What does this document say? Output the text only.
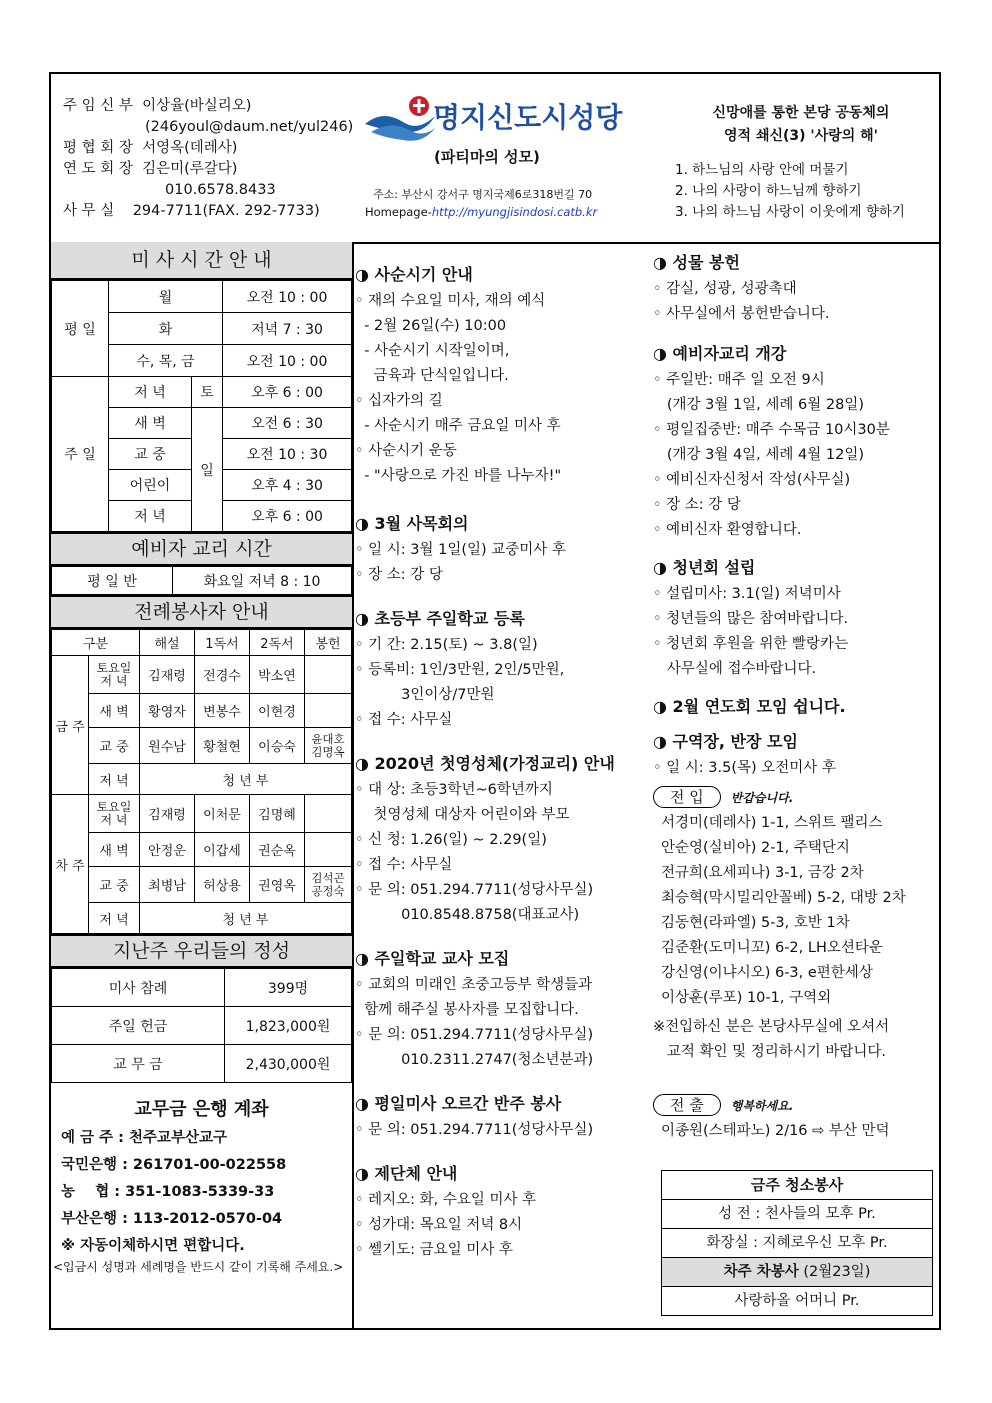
주 임 신 부 이상율(바실리오)
(246youl@daum.net/yul246)
평 협 회 장 서영옥(데레사)
연 도 회 장 김은미(루갈다)
010.6578.8433
사 무 실 294-7711(FAX. 292-7733)
명지신도시성당
(파티마의 성모)
주소: 부산시 강서구 명지국제6로318번길 70
Homepage-http://myungjisindosi.catb.kr
신망애를 통한 본당 공동체의
영적 쇄신(3) '사랑의 해'
1. 하느님의 사랑 안에 머물기
2. 나의 사랑이 하느님께 향하기
3. 나의 하느님 사랑이 이웃에게 향하기
미 사 시 간 안 내
평 일	월		오전 10 : 00
	화		저녁 7 : 30
	수, 목, 금		오전 10 : 00
주 일	저 녁	토	오후 6 : 00
	새 벽	일	오전 6 : 30
	교 중		오전 10 : 30
	어린이		오후 4 : 30
	저 녁		오후 6 : 00
예비자 교리 시간
평 일 반	화요일 저녁 8 : 10
전례봉사자 안내
구분		해설	1독서	2독서	봉헌
금 주	토요일 저 녁	김재령	전경수	박소연	
	새 벽	황영자	변봉수	이현경	
	교 중	원수남	황철현	이승숙	윤대호 김명옥
	저 녁	청 년 부			
차 주	토요일 저 녁	김재령	이처문	김명혜	
	새 벽	안정운	이갑세	권순옥	
	교 중	최병남	허상용	권영옥	김석곤 공정숙
	저 녁	청 년 부			
지난주 우리들의 정성
미사 참례	399명
주일 헌금	1,823,000원
교 무 금	2,430,000원
교무금 은행 계좌
예 금 주 : 천주교부산교구
국민은행 : 261701-00-022558
농    협 : 351-1083-5339-33
부산은행 : 113-2012-0570-04
※ 자동이체하시면 편합니다.
<입금시 성명과 세례명을 반드시 같이 기록해 주세요.>
◑ 사순시기 안내
◦ 재의 수요일 미사, 재의 예식
- 2월 26일(수) 10:00
- 사순시기 시작일이며,
금육과 단식일입니다.
◦ 십자가의 길
- 사순시기 매주 금요일 미사 후
◦ 사순시기 운동
- "사랑으로 가진 바를 나누자!"
◑ 3월 사목회의
◦ 일 시: 3월 1일(일) 교중미사 후
◦ 장 소: 강 당
◑ 초등부 주일학교 등록
◦ 기 간: 2.15(토) ~ 3.8(일)
◦ 등록비: 1인/3만원, 2인/5만원,
3인이상/7만원
◦ 접 수: 사무실
◑ 2020년 첫영성체(가정교리) 안내
◦ 대 상: 초등3학년~6학년까지
첫영성체 대상자 어린이와 부모
◦ 신 청: 1.26(일) ~ 2.29(일)
◦ 접 수: 사무실
◦ 문 의: 051.294.7711(성당사무실)
010.8548.8758(대표교사)
◑ 주일학교 교사 모집
◦ 교회의 미래인 초중고등부 학생들과
함께 해주실 봉사자를 모집합니다.
◦ 문 의: 051.294.7711(성당사무실)
010.2311.2747(청소년분과)
◑ 평일미사 오르간 반주 봉사
◦ 문 의: 051.294.7711(성당사무실)
◑ 제단체 안내
◦ 레지오: 화, 수요일 미사 후
◦ 성가대: 목요일 저녁 8시
◦ 쎌기도: 금요일 미사 후
◑ 성물 봉헌
◦ 감실, 성광, 성광촉대
◦ 사무실에서 봉헌받습니다.
◑ 예비자교리 개강
◦ 주일반: 매주 일 오전 9시
(개강 3월 1일, 세례 6월 28일)
◦ 평일집중반: 매주 수목금 10시30분
(개강 3월 4일, 세례 4월 12일)
◦ 예비신자신청서 작성(사무실)
◦ 장 소: 강 당
◦ 예비신자 환영합니다.
◑ 청년회 설립
◦ 설립미사: 3.1(일) 저녁미사
◦ 청년들의 많은 참여바랍니다.
◦ 청년회 후원을 위한 빨랑카는
사무실에 접수바랍니다.
◑ 2월 연도회 모임 쉽니다.
◑ 구역장, 반장 모임
◦ 일 시: 3.5(목) 오전미사 후
전 입 반갑습니다.
서경미(데레사) 1-1, 스위트 팰리스
안순영(실비아) 2-1, 주택단지
전규희(요세피나) 3-1, 금강 2차
최승혁(막시밀리안꼴베) 5-2, 대방 2차
김동현(라파엘) 5-3, 호반 1차
김준환(도미니꼬) 6-2, LH오션타운
강신영(이냐시오) 6-3, e편한세상
이상훈(루포) 10-1, 구역외
※전입하신 분은 본당사무실에 오셔서
교적 확인 및 정리하시기 바랍니다.
전 출 행복하세요.
이종원(스테파노) 2/16 ⇨ 부산 만덕
금주 청소봉사
성 전 : 천사들의 모후 Pr.
화장실 : 지혜로우신 모후 Pr.
차주 차봉사 (2월23일)
사랑하올 어머니 Pr.
